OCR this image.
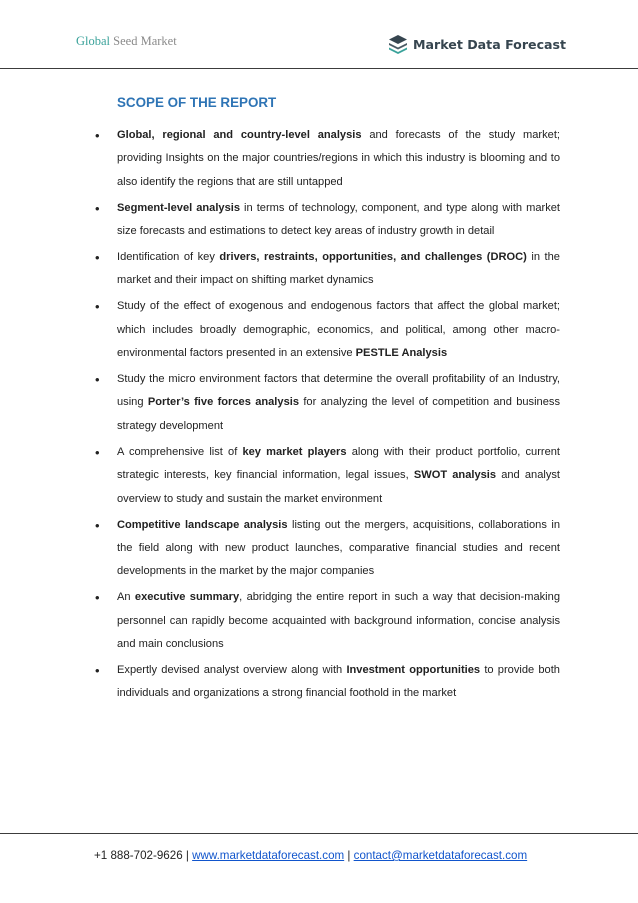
Global Seed Market	Market Data Forecast
SCOPE OF THE REPORT
• Global, regional and country-level analysis and forecasts of the study market; providing Insights on the major countries/regions in which this industry is blooming and to also identify the regions that are still untapped
• Segment-level analysis in terms of technology, component, and type along with market size forecasts and estimations to detect key areas of industry growth in detail
• Identification of key drivers, restraints, opportunities, and challenges (DROC) in the market and their impact on shifting market dynamics
• Study of the effect of exogenous and endogenous factors that affect the global market; which includes broadly demographic, economics, and political, among other macro-environmental factors presented in an extensive PESTLE Analysis
• Study the micro environment factors that determine the overall profitability of an Industry, using Porter’s five forces analysis for analyzing the level of competition and business strategy development
• A comprehensive list of key market players along with their product portfolio, current strategic interests, key financial information, legal issues, SWOT analysis and analyst overview to study and sustain the market environment
• Competitive landscape analysis listing out the mergers, acquisitions, collaborations in the field along with new product launches, comparative financial studies and recent developments in the market by the major companies
• An executive summary, abridging the entire report in such a way that decision-making personnel can rapidly become acquainted with background information, concise analysis and main conclusions
• Expertly devised analyst overview along with Investment opportunities to provide both individuals and organizations a strong financial foothold in the market
+1 888-702-9626 | www.marketdataforecast.com | contact@marketdataforecast.com
